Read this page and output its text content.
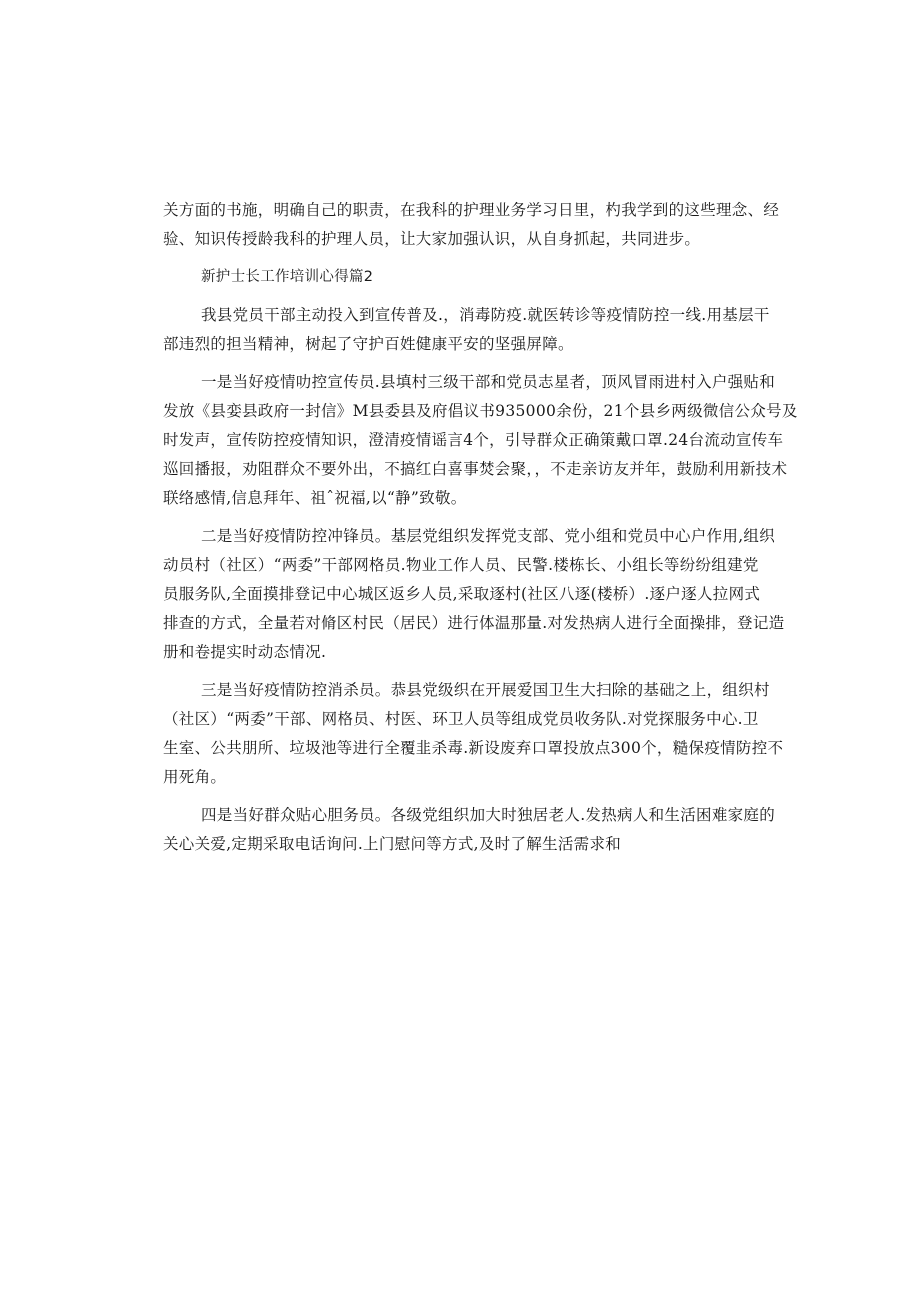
关方面的书施，明确自己的职责，在我科的护理业务学习日里，杓我学到的这些理念、经
验、知识传授龄我科的护理人员，让大家加强认识，从自身抓起，共同进步。
新护士长工作培训心得篇2
我县党员干部主动投入到宣传普及.，消毒防疫.就医转诊等疫情防控一线.用基层干
部违烈的担当精神，树起了守护百姓健康平安的坚强屏障。
一是当好疫情叻控宣传员.县填村三级干部和党员志星者，顶风冒雨进村入户强贴和
发放《县娈县政府一封信》M县委县及府倡议书935000余份，21个县乡两级微信公众号及
时发声，宣传防控疫情知识，澄清疫情谣言4个，引导群众正确策戴口罩.24台流动宣传车
巡回播报，劝阻群众不要外出，不搞红白喜事焚会聚，，不走亲访友并年，鼓励利用新技术
联络感情,信息拜年、祖ˆ祝福,以“静”致敬。
二是当好疫情防控冲锋员。基层党组织发挥党支部、党小组和党员中心户作用,组织
动员村（社区）“两委”干部网格员.物业工作人员、民警.楼栋长、小组长等纷纷组建党
员服务队,全面摸排登记中心城区返乡人员,采取逐村(社区八逐(楼桥）.逐户逐人拉网式
排查的方式，全量若对脩区村民（居民）进行体温那量.对发热病人进行全面操排，登记造
册和卷提实时动态情况.
三是当好疫情防控消杀员。恭县党级织在开展爱国卫生大扫除的基础之上，组织村
（社区）“两委”干部、网格员、村医、环卫人员等组成党员收务队.对党探服务中心.卫
生室、公共朋所、垃圾池等进行全覆韭杀毒.新设废弃口罩投放点300个，糙保疫情防控不
用死角。
四是当好群众贴心胆务员。各级党组织加大时独居老人.发热病人和生活困难家庭的
关心关爱,定期采取电话询问.上门慰问等方式,及时了解生活需求和
